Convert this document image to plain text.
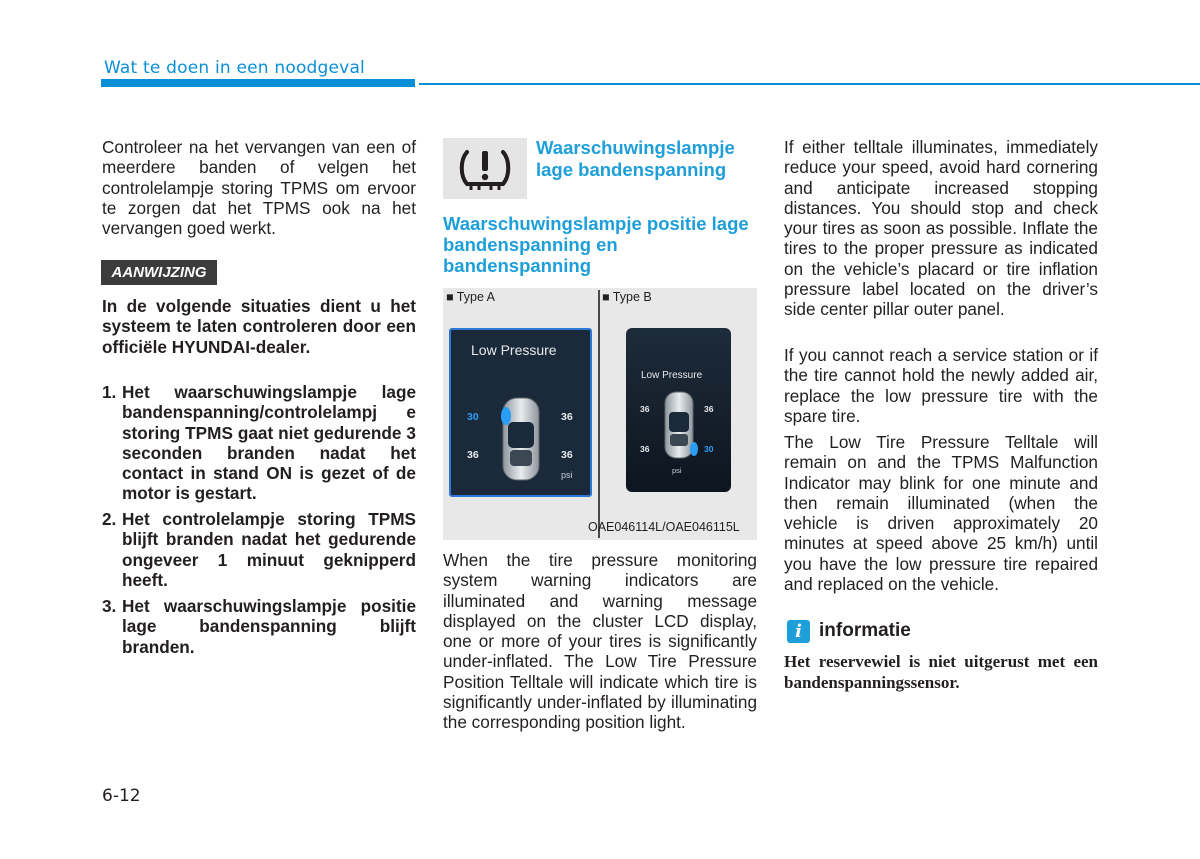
Wat te doen in een noodgeval
Controleer na het vervangen van een of meerdere banden of velgen het controlelampje storing TPMS om ervoor te zorgen dat het TPMS ook na het vervangen goed werkt.
AANWIJZING
In de volgende situaties dient u het systeem te laten controleren door een officiële HYUNDAI-dealer.
1. Het waarschuwingslampje lage bandenspanning/controlelampj e storing TPMS gaat niet gedurende 3 seconden branden nadat het contact in stand ON is gezet of de motor is gestart.
2. Het controlelampje storing TPMS blijft branden nadat het gedurende ongeveer 1 minuut geknipperd heeft.
3. Het waarschuwingslampje positie lage bandenspanning blijft branden.
Waarschuwingslampje lage bandenspanning
Waarschuwingslampje positie lage bandenspanning en bandenspanning
■ Type A	■ Type B
Low Pressure
30	36
36	36
psi
Low Pressure
36	36
36	30
psi
OAE046114L/OAE046115L
When the tire pressure monitoring system warning indicators are illuminated and warning message displayed on the cluster LCD display, one or more of your tires is significantly under-inflated. The Low Tire Pressure Position Telltale will indicate which tire is significantly under-inflated by illuminating the corresponding position light.
If either telltale illuminates, immediately reduce your speed, avoid hard cornering and anticipate increased stopping distances. You should stop and check your tires as soon as possible. Inflate the tires to the proper pressure as indicated on the vehicle’s placard or tire inflation pressure label located on the driver’s side center pillar outer panel.
If you cannot reach a service station or if the tire cannot hold the newly added air, replace the low pressure tire with the spare tire.
The Low Tire Pressure Telltale will remain on and the TPMS Malfunction Indicator may blink for one minute and then remain illuminated (when the vehicle is driven approximately 20 minutes at speed above 25 km/h) until you have the low pressure tire repaired and replaced on the vehicle.
i informatie
Het reservewiel is niet uitgerust met een bandenspanningssensor.
6-12
